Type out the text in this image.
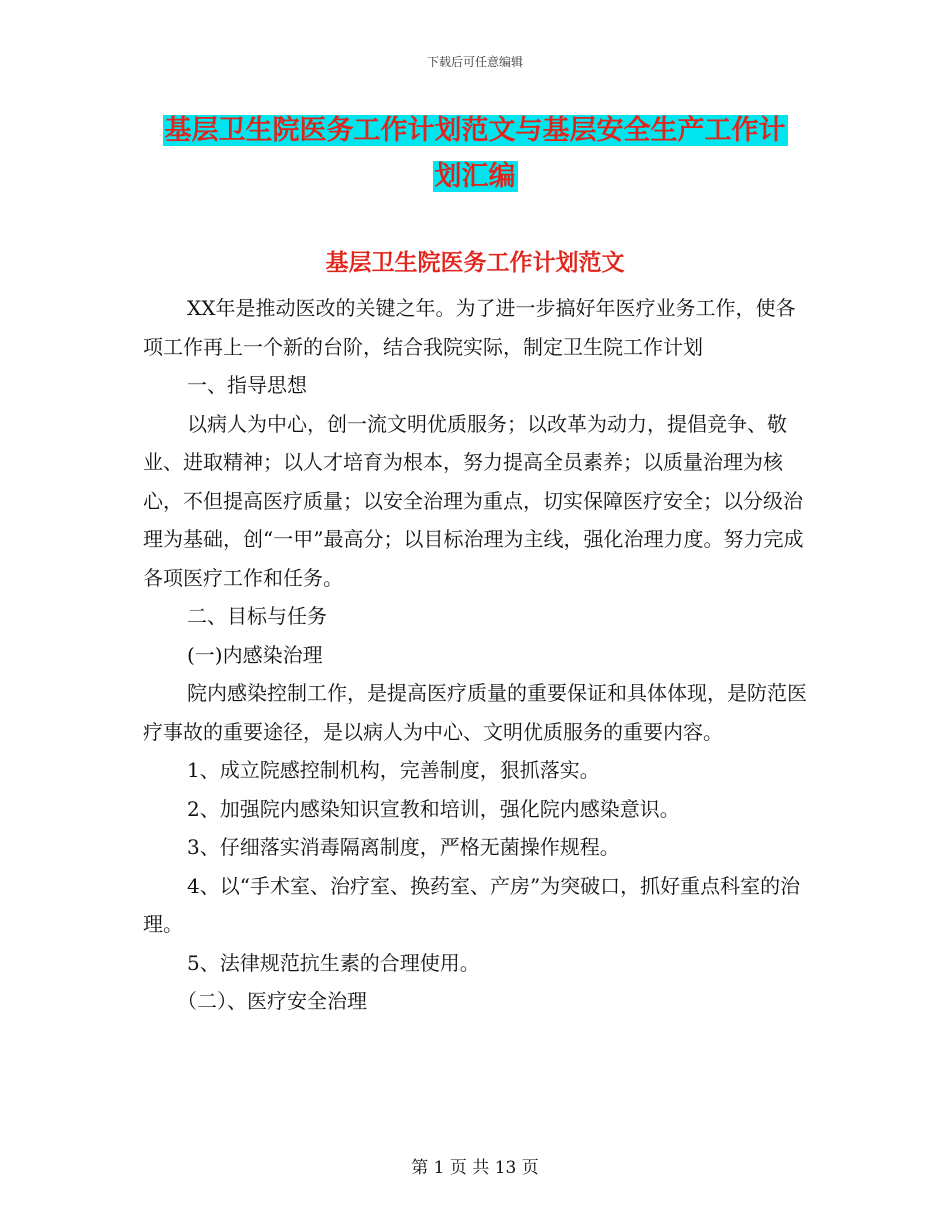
下载后可任意编辑
基层卫生院医务工作计划范文与基层安全生产工作计
划汇编
基层卫生院医务工作计划范文

XX年是推动医改的关键之年。为了进一步搞好年医疗业务工作，使各项工作再上一个新的台阶，结合我院实际，制定卫生院工作计划

一、指导思想

以病人为中心，创一流文明优质服务；以改革为动力，提倡竞争、敬业、进取精神；以人才培育为根本，努力提高全员素养；以质量治理为核心，不但提高医疗质量；以安全治理为重点，切实保障医疗安全；以分级治理为基础，创“一甲”最高分；以目标治理为主线，强化治理力度。努力完成各项医疗工作和任务。

二、目标与任务

(一)内感染治理

院内感染控制工作，是提高医疗质量的重要保证和具体体现，是防范医疗事故的重要途径，是以病人为中心、文明优质服务的重要内容。

1、成立院感控制机构，完善制度，狠抓落实。

2、加强院内感染知识宣教和培训，强化院内感染意识。

3、仔细落实消毒隔离制度，严格无菌操作规程。

4、以“手术室、治疗室、换药室、产房”为突破口，抓好重点科室的治理。

5、法律规范抗生素的合理使用。

（二）、医疗安全治理

第 1 页 共 13 页
